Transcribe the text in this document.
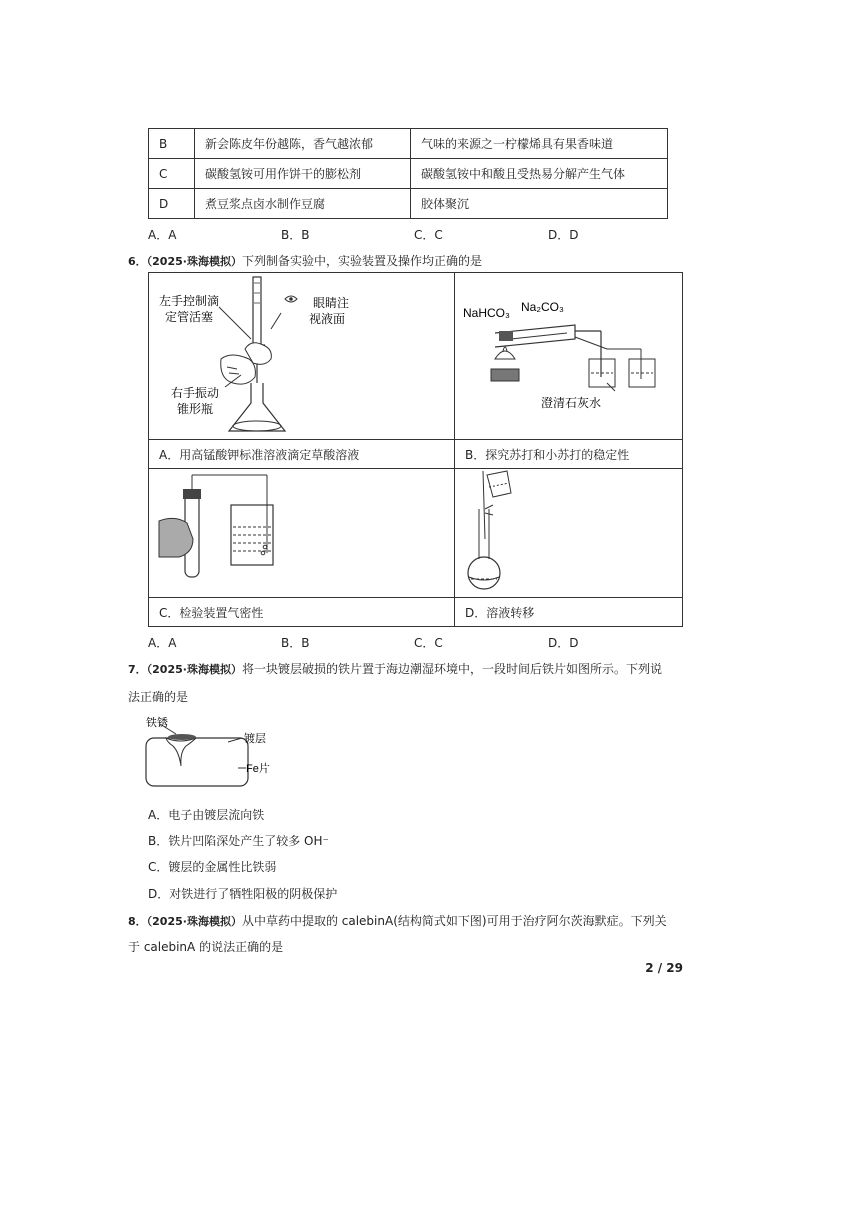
B	新会陈皮年份越陈，香气越浓郁	气味的来源之一柠檬烯具有果香味道
C	碳酸氢铵可用作饼干的膨松剂	碳酸氢铵中和酸且受热易分解产生气体
D	煮豆浆点卤水制作豆腐	胶体聚沉
A．A	B．B	C．C	D．D
6．（2025·珠海模拟）下列制备实验中，实验装置及操作均正确的是
左手控制滴
定管活塞
眼睛注
视液面
右手振动
锥形瓶
NaHCO₃ Na₂CO₃
澄清石灰水
A．用高锰酸钾标准溶液滴定草酸溶液	B．探究苏打和小苏打的稳定性
C．检验装置气密性	D．溶液转移
A．A	B．B	C．C	D．D
7．（2025·珠海模拟）将一块镀层破损的铁片置于海边潮湿环境中，一段时间后铁片如图所示。下列说
法正确的是
铁锈
镀层
Fe片
A．电子由镀层流向铁
B．铁片凹陷深处产生了较多 OH⁻
C．镀层的金属性比铁弱
D．对铁进行了牺牲阳极的阴极保护
8．（2025·珠海模拟）从中草药中提取的 calebinA(结构简式如下图)可用于治疗阿尔茨海默症。下列关
于 calebinA 的说法正确的是
2 / 29
